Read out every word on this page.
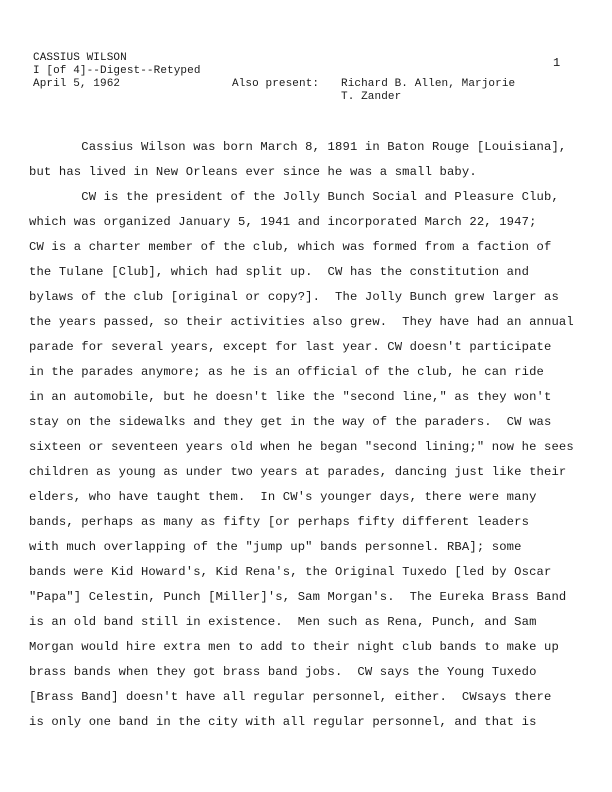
CASSIUS WILSON
I [of 4]--Digest--Retyped
April 5, 1962	Also present: Richard B. Allen, Marjorie
T. Zander
1
Cassius Wilson was born March 8, 1891 in Baton Rouge [Louisiana],
but has lived in New Orleans ever since he was a small baby.
CW is the president of the Jolly Bunch Social and Pleasure Club,
which was organized January 5, 1941 and incorporated March 22, 1947;
CW is a charter member of the club, which was formed from a faction of
the Tulane [Club], which had split up.  CW has the constitution and
bylaws of the club [original or copy?].  The Jolly Bunch grew larger as
the years passed, so their activities also grew.  They have had an annual
parade for several years, except for last year. CW doesn't participate
in the parades anymore; as he is an official of the club, he can ride
in an automobile, but he doesn't like the "second line," as they won't
stay on the sidewalks and they get in the way of the paraders.  CW was
sixteen or seventeen years old when he began "second lining;" now he sees
children as young as under two years at parades, dancing just like their
elders, who have taught them.  In CW's younger days, there were many
bands, perhaps as many as fifty [or perhaps fifty different leaders
with much overlapping of the "jump up" bands personnel. RBA]; some
bands were Kid Howard's, Kid Rena's, the Original Tuxedo [led by Oscar
"Papa"] Celestin, Punch [Miller]'s, Sam Morgan's.  The Eureka Brass Band
is an old band still in existence.  Men such as Rena, Punch, and Sam
Morgan would hire extra men to add to their night club bands to make up
brass bands when they got brass band jobs.  CW says the Young Tuxedo
[Brass Band] doesn't have all regular personnel, either.  CWsays there
is only one band in the city with all regular personnel, and that is
